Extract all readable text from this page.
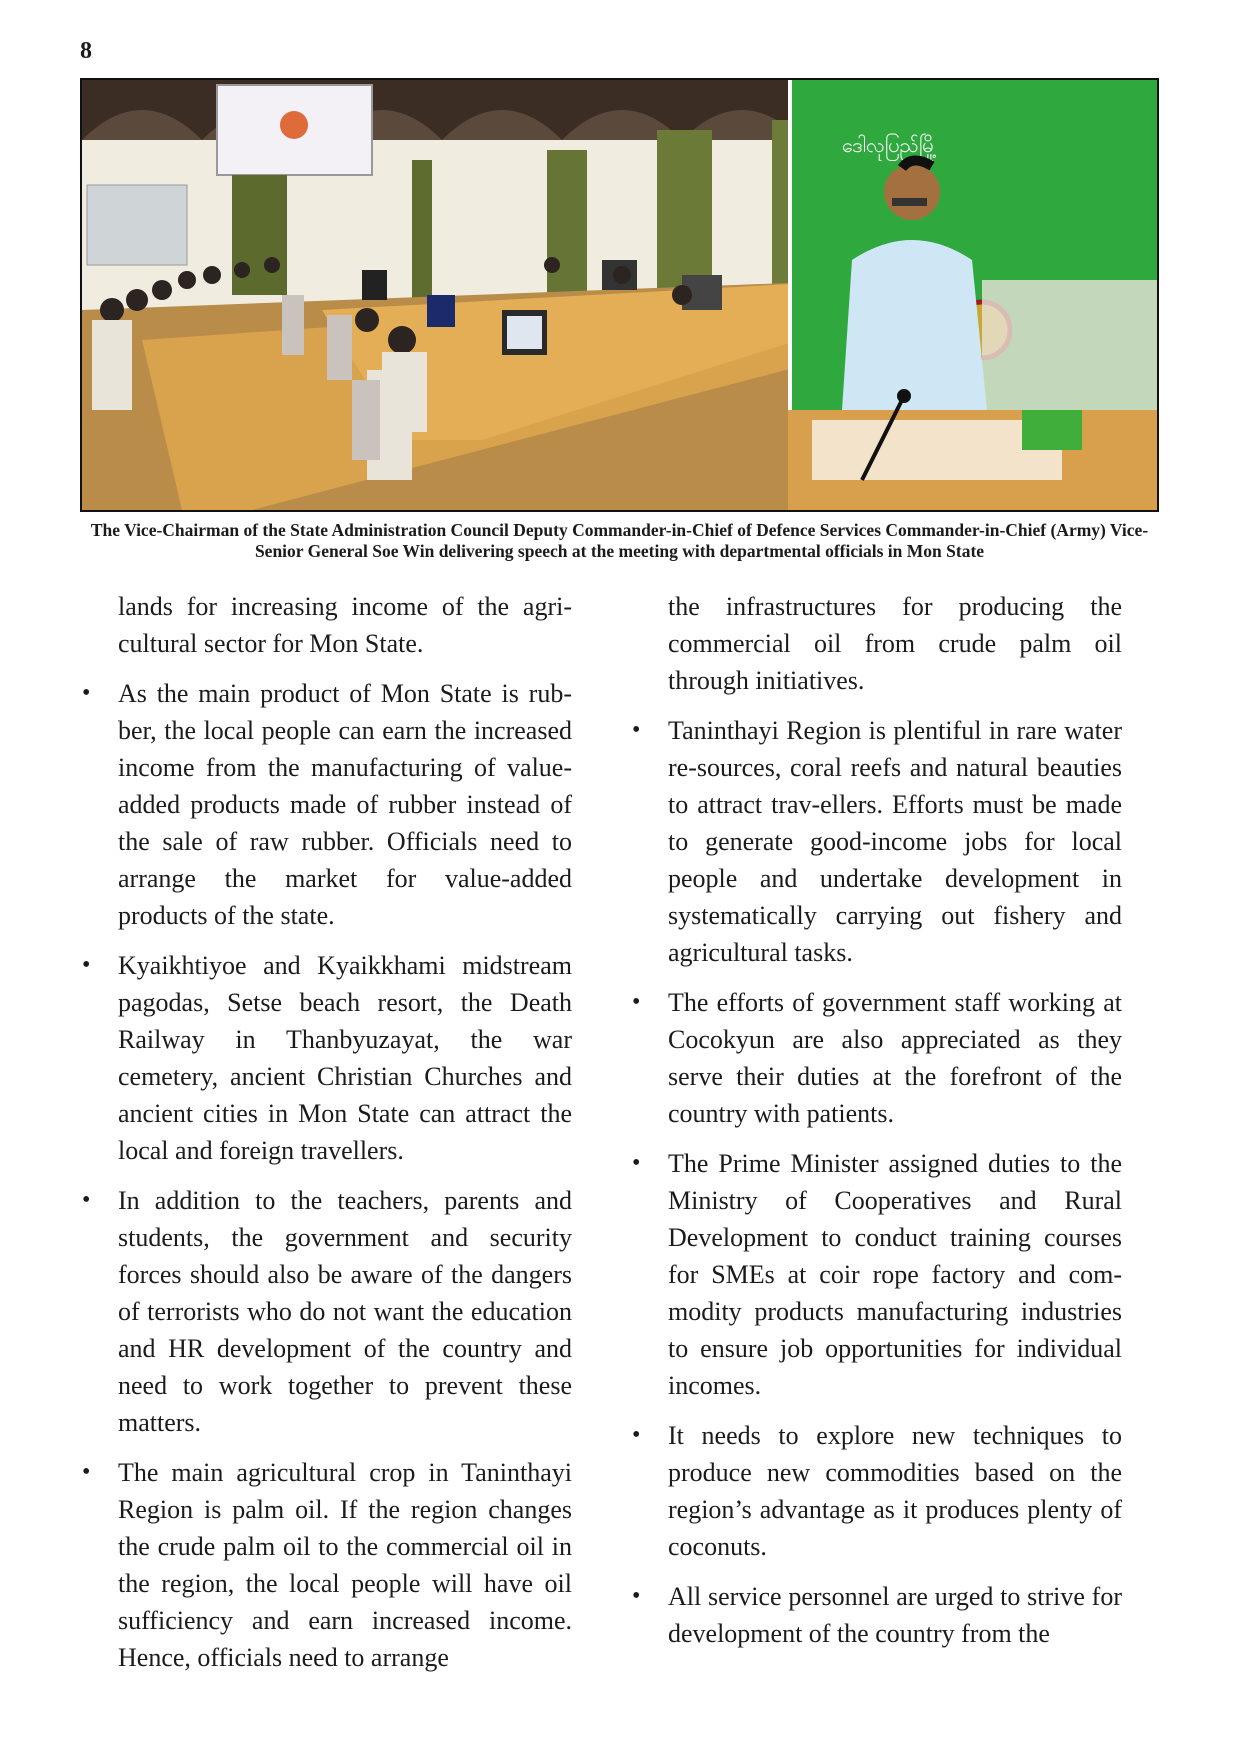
8
ဒေါလုပြည်မြို့
The Vice-Chairman of the State Administration Council Deputy Commander-in-Chief of Defence Services Commander-in-Chief (Army) Vice-Senior General Soe Win delivering speech at the meeting with departmental officials in Mon State

lands for increasing income of the agricultural sector for Mon State.

• As the main product of Mon State is rubber, the local people can earn the increased income from the manufacturing of value-added products made of rubber instead of the sale of raw rubber. Officials need to arrange the market for value-added products of the state.
• Kyaikhtiyoe and Kyaikkhami midstream pagodas, Setse beach resort, the Death Railway in Thanbyuzayat, the war cemetery, ancient Christian Churches and ancient cities in Mon State can attract the local and foreign travellers.
• In addition to the teachers, parents and students, the government and security forces should also be aware of the dangers of terrorists who do not want the education and HR development of the country and need to work together to prevent these matters.
• The main agricultural crop in Taninthayi Region is palm oil. If the region changes the crude palm oil to the commercial oil in the region, the local people will have oil sufficiency and earn increased income. Hence, officials need to arrange

the infrastructures for producing the commercial oil from crude palm oil through initiatives.

• Taninthayi Region is plentiful in rare water re-sources, coral reefs and natural beauties to attract trav-ellers. Efforts must be made to generate good-income jobs for local people and undertake development in systematically carrying out fishery and agricultural tasks.
• The efforts of government staff working at Cocokyun are also appreciated as they serve their duties at the forefront of the country with patients.
• The Prime Minister assigned duties to the Ministry of Cooperatives and Rural Development to conduct training courses for SMEs at coir rope factory and commodity products manufacturing industries to ensure job opportunities for individual incomes.
• It needs to explore new techniques to produce new commodities based on the region’s advantage as it produces plenty of coconuts.
• All service personnel are urged to strive for development of the country from the
